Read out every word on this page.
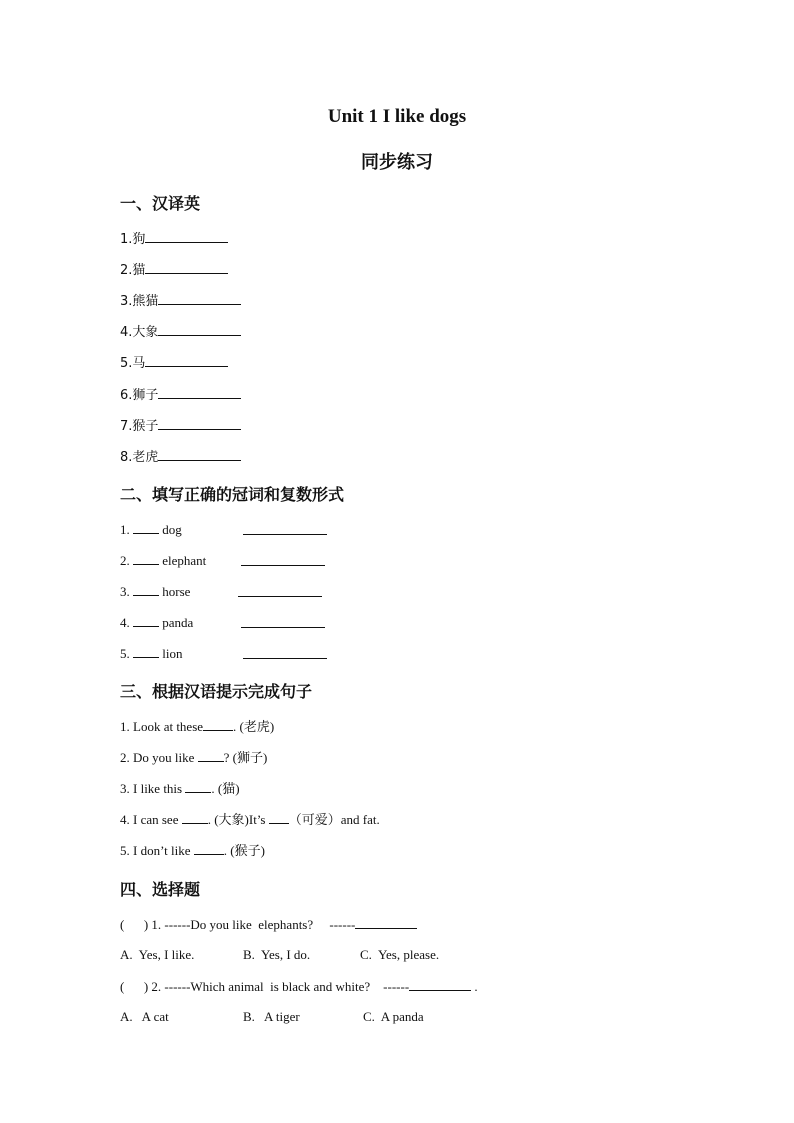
Unit 1 I like dogs
同步练习
一、汉译英
1.狗
2.猫
3.熊猫
4.大象
5.马
6.狮子
7.猴子
8.老虎
二、填写正确的冠词和复数形式
1.	dog
2.	elephant
3.	horse
4.	panda
5.	lion
三、根据汉语提示完成句子
1. Look at these . (老虎)
2. Do you like ? (狮子)
3. I like this . (猫)
4. I can see . (大象)It’s （可爱）and fat.
5. I don’t like . (猴子)
四、选择题
(      ) 1. ------Do you like  elephants?     ------
A.  Yes, I like.	B.  Yes, I do.	C.  Yes, please.
(      ) 2. ------Which animal  is black and white?    ------	.
A.   A cat	B.   A tiger	C.  A panda
